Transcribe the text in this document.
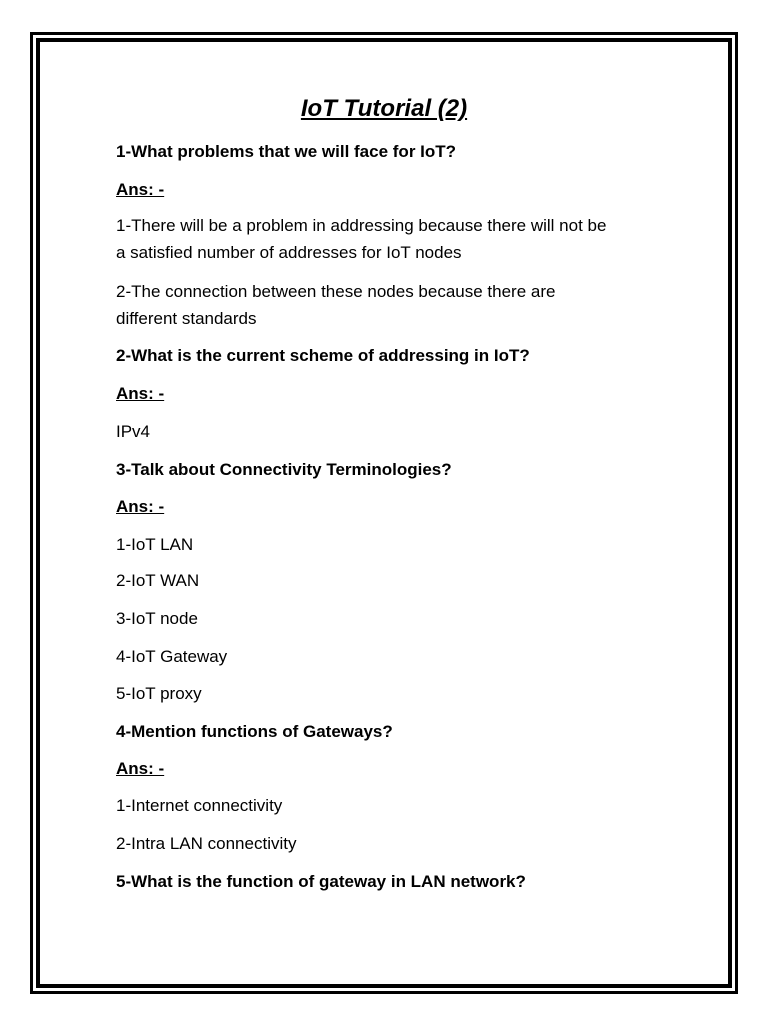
IoT Tutorial (2)

1-What problems that we will face for IoT?

Ans: -

1-There will be a problem in addressing because there will not be

a satisfied number of addresses for IoT nodes

2-The connection between these nodes because there are

different standards

2-What is the current scheme of addressing in IoT?

Ans: -

IPv4

3-Talk about Connectivity Terminologies?

Ans: -

1-IoT LAN

2-IoT WAN

3-IoT node

4-IoT Gateway

5-IoT proxy

4-Mention functions of Gateways?

Ans: -

1-Internet connectivity

2-Intra LAN connectivity

5-What is the function of gateway in LAN network?
